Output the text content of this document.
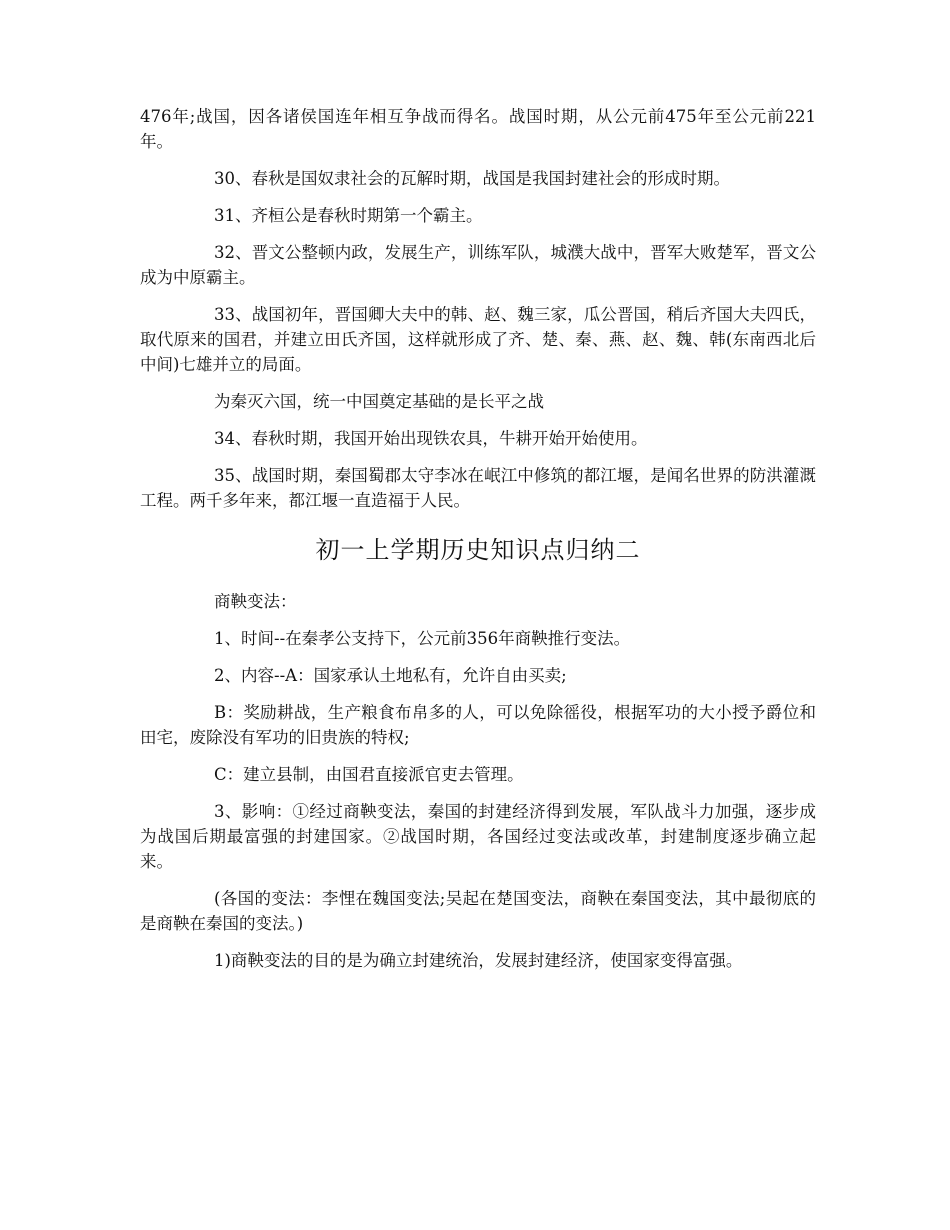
476年;战国，因各诸侯国连年相互争战而得名。战国时期，从公元前475年至公元前221年。

30、春秋是国奴隶社会的瓦解时期，战国是我国封建社会的形成时期。

31、齐桓公是春秋时期第一个霸主。

32、晋文公整顿内政，发展生产，训练军队，城濮大战中，晋军大败楚军，晋文公成为中原霸主。

33、战国初年，晋国卿大夫中的韩、赵、魏三家，瓜公晋国，稍后齐国大夫四氏，取代原来的国君，并建立田氏齐国，这样就形成了齐、楚、秦、燕、赵、魏、韩(东南西北后中间)七雄并立的局面。

为秦灭六国，统一中国奠定基础的是长平之战

34、春秋时期，我国开始出现铁农具，牛耕开始开始使用。

35、战国时期，秦国蜀郡太守李冰在岷江中修筑的都江堰，是闻名世界的防洪灌溉工程。两千多年来，都江堰一直造福于人民。

初一上学期历史知识点归纳二

商鞅变法：

1、时间--在秦孝公支持下，公元前356年商鞅推行变法。

2、内容--A：国家承认土地私有，允许自由买卖;

B：奖励耕战，生产粮食布帛多的人，可以免除徭役，根据军功的大小授予爵位和田宅，废除没有军功的旧贵族的特权;

C：建立县制，由国君直接派官吏去管理。

3、影响：①经过商鞅变法，秦国的封建经济得到发展，军队战斗力加强，逐步成为战国后期最富强的封建国家。②战国时期，各国经过变法或改革，封建制度逐步确立起来。

(各国的变法：李悝在魏国变法;吴起在楚国变法，商鞅在秦国变法，其中最彻底的是商鞅在秦国的变法。)

1)商鞅变法的目的是为确立封建统治，发展封建经济，使国家变得富强。
